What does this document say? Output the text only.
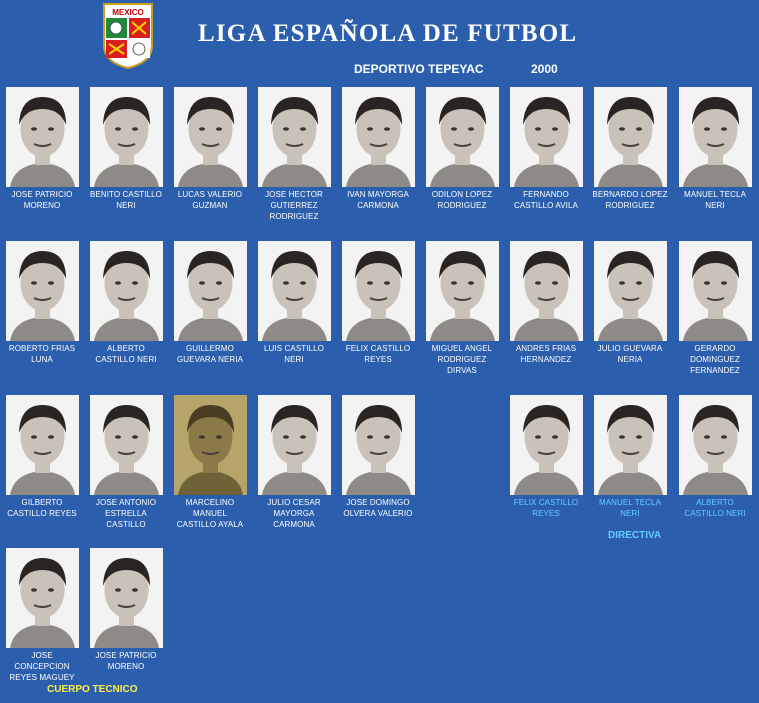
MEXICO
LIGA ESPAÑOLA DE FUTBOL
DEPORTIVO TEPEYAC	2000
JOSE PATRICIO
MORENO

BENITO CASTILLO
NERI

LUCAS VALERIO
GUZMAN

JOSE HECTOR
GUTIERREZ
RODRIGUEZ
IVAN MAYORGA
CARMONA

ODILON LOPEZ
RODRIGUEZ

FERNANDO
CASTILLO AVILA

BERNARDO LOPEZ
RODRIGUEZ

MANUEL TECLA
NERI

ROBERTO FRIAS
LUNA

ALBERTO
CASTILLO NERI

GUILLERMO
GUEVARA NERIA

LUIS CASTILLO
NERI

FELIX CASTILLO
REYES

MIGUEL ANGEL
RODRIGUEZ
DIRVAS
ANDRES FRIAS
HERNANDEZ

JULIO GUEVARA
NERIA

GERARDO
DOMINGUEZ
FERNANDEZ
GILBERTO
CASTILLO REYES

JOSE ANTONIO
ESTRELLA
CASTILLO
MARCELINO
MANUEL
CASTILLO AYALA
JULIO CESAR
MAYORGA
CARMONA
JOSE DOMINGO
OLVERA VALERIO

FELIX CASTILLO
REYES

MANUEL TECLA
NERI

ALBERTO
CASTILLO NERI

DIRECTIVA
JOSE
CONCEPCION
REYES MAGUEY
JOSE PATRICIO
MORENO

CUERPO TECNICO
